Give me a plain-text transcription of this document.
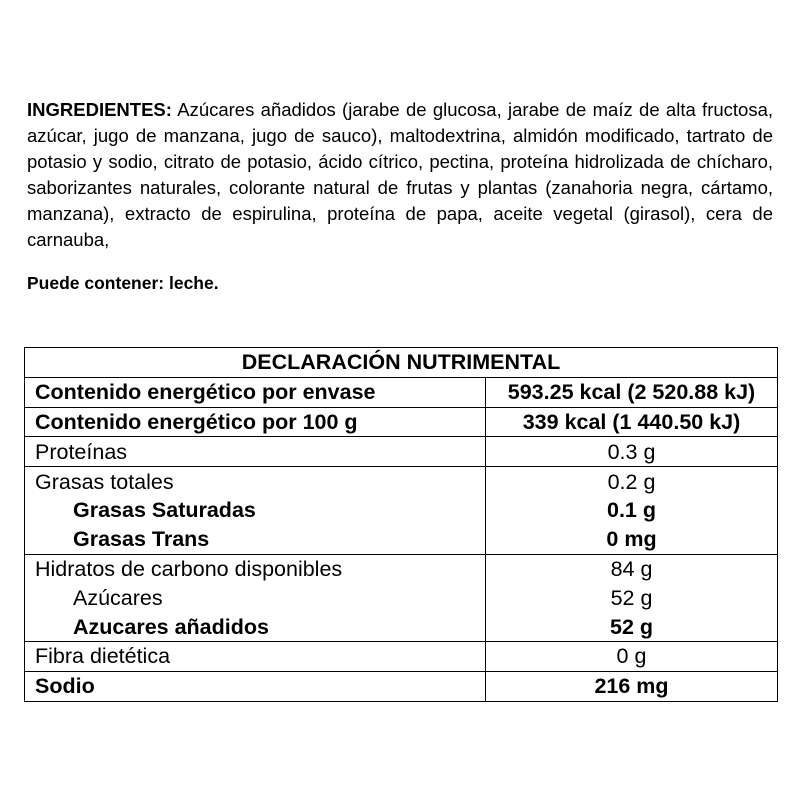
INGREDIENTES: Azúcares añadidos (jarabe de glucosa, jarabe de maíz de alta fructosa, azúcar, jugo de manzana, jugo de sauco), maltodextrina, almidón modificado, tartrato de potasio y sodio, citrato de potasio, ácido cítrico, pectina, proteína hidrolizada de chícharo, saborizantes naturales, colorante natural de frutas y plantas (zanahoria negra, cártamo, manzana), extracto de espirulina, proteína de papa, aceite vegetal (girasol), cera de carnauba,

Puede contener: leche.

DECLARACIÓN NUTRIMENTAL	
Contenido energético por envase	593.25 kcal (2 520.88 kJ)
Contenido energético por 100 g	339 kcal (1 440.50 kJ)
Proteínas	0.3 g
Grasas totales	0.2 g
Grasas Saturadas	0.1 g
Grasas Trans	0 mg
Hidratos de carbono disponibles	84 g
Azúcares	52 g
Azucares añadidos	52 g
Fibra dietética	0 g
Sodio	216 mg
